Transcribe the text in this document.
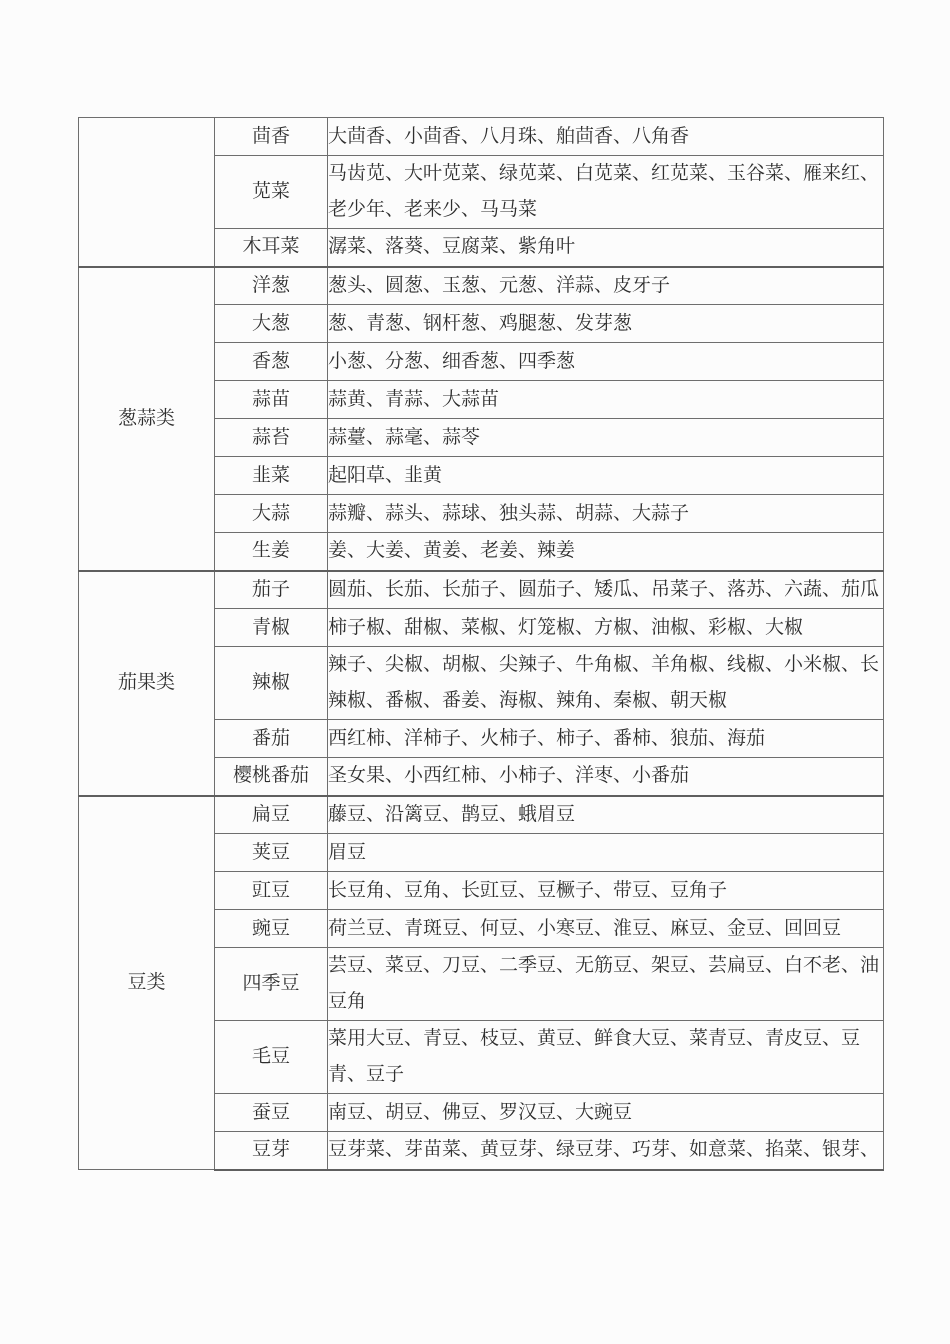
	茴香	大茴香、小茴香、八月珠、舶茴香、八角香
	苋菜	马齿苋、大叶苋菜、绿苋菜、白苋菜、红苋菜、玉谷菜、雁来红、老少年、老来少、马马菜
	木耳菜	潺菜、落葵、豆腐菜、紫角叶
葱蒜类	洋葱	葱头、圆葱、玉葱、元葱、洋蒜、皮牙子
	大葱	葱、青葱、钢杆葱、鸡腿葱、发芽葱
	香葱	小葱、分葱、细香葱、四季葱
	蒜苗	蒜黄、青蒜、大蒜苗
	蒜苔	蒜薹、蒜毫、蒜苓
	韭菜	起阳草、韭黄
	大蒜	蒜瓣、蒜头、蒜球、独头蒜、胡蒜、大蒜子
	生姜	姜、大姜、黄姜、老姜、辣姜
茄果类	茄子	圆茄、长茄、长茄子、圆茄子、矮瓜、吊菜子、落苏、六蔬、茄瓜
	青椒	柿子椒、甜椒、菜椒、灯笼椒、方椒、油椒、彩椒、大椒
	辣椒	辣子、尖椒、胡椒、尖辣子、牛角椒、羊角椒、线椒、小米椒、长辣椒、番椒、番姜、海椒、辣角、秦椒、朝天椒
	番茄	西红柿、洋柿子、火柿子、柿子、番柿、狼茄、海茄
	樱桃番茄	圣女果、小西红柿、小柿子、洋枣、小番茄
豆类	扁豆	藤豆、沿篱豆、鹊豆、蛾眉豆
	荚豆	眉豆
	豇豆	长豆角、豆角、长豇豆、豆橛子、带豆、豆角子
	豌豆	荷兰豆、青斑豆、何豆、小寒豆、淮豆、麻豆、金豆、回回豆
	四季豆	芸豆、菜豆、刀豆、二季豆、无筋豆、架豆、芸扁豆、白不老、油豆角
	毛豆	菜用大豆、青豆、枝豆、黄豆、鲜食大豆、菜青豆、青皮豆、豆青、豆子
	蚕豆	南豆、胡豆、佛豆、罗汉豆、大豌豆
	豆芽	豆芽菜、芽苗菜、黄豆芽、绿豆芽、巧芽、如意菜、掐菜、银芽、
